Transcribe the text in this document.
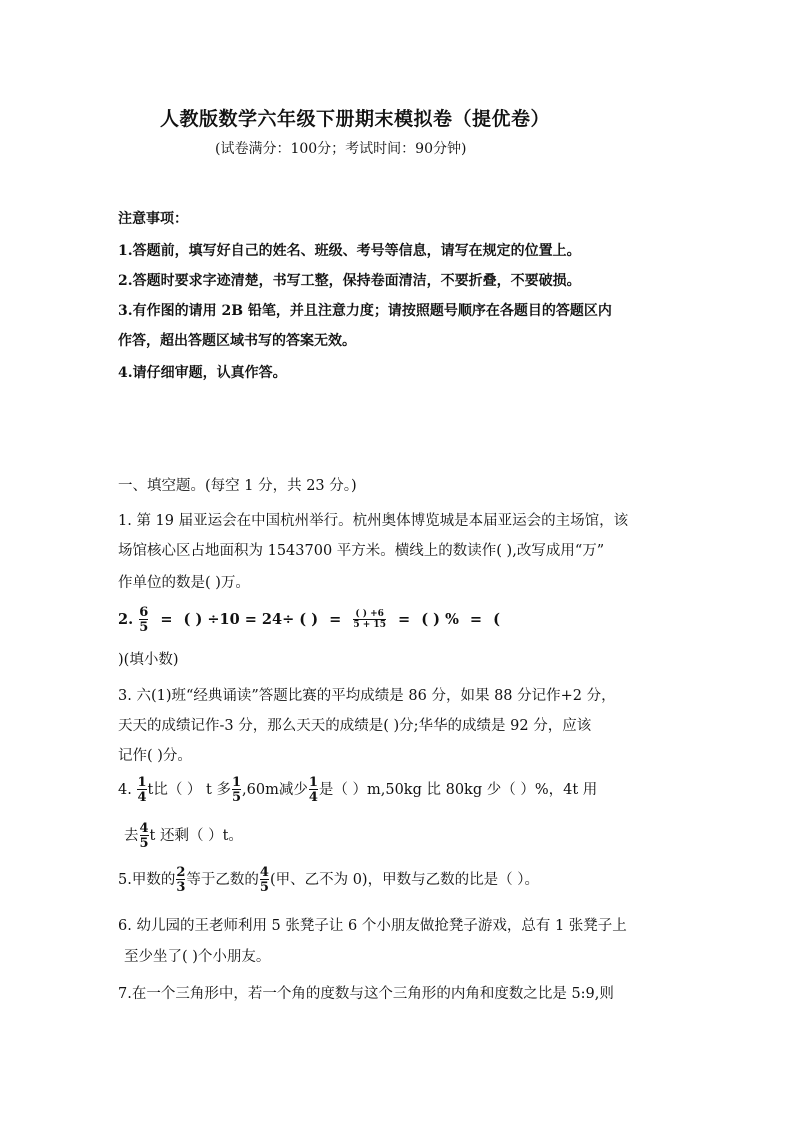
人教版数学六年级下册期末模拟卷（提优卷）
(试卷满分：100分；考试时间：90分钟)
注意事项：
1.答题前，填写好自己的姓名、班级、考号等信息，请写在规定的位置上。
2.答题时要求字迹清楚，书写工整，保持卷面清洁，不要折叠，不要破损。
3.有作图的请用 2B 铅笔，并且注意力度；请按照题号顺序在各题目的答题区内
作答，超出答题区域书写的答案无效。
4.请仔细审题，认真作答。
一、填空题。(每空 1 分，共 23 分。)
1. 第 19 届亚运会在中国杭州举行。杭州奥体博览城是本届亚运会的主场馆，该
场馆核心区占地面积为 1543700 平方米。横线上的数读作( ),改写成用“万”
作单位的数是( )万。
2. $\frac{6}{5}$ = ( ) ÷10 = 24÷ ( ) = $\frac{( ) +6}{5 + 15}$ = ( ) % = (
)(填小数)
3. 六(1)班“经典诵读”答题比赛的平均成绩是 86 分，如果 88 分记作+2 分，
天天的成绩记作-3 分，那么天天的成绩是( )分;华华的成绩是 92 分，应该
记作( )分。
4. $\frac{1}{4}$ t比（ ） t 多 $\frac{1}{5} ,60m$减少 $\frac{1}{4}$ 是（ ）m,50kg 比 80kg 少（ ）%，4t 用
去 $\frac{4}{5}$ t 还剩（ ）t。
5.甲数的 $\frac{2}{3}$ 等于乙数的 $\frac{4}{5}$ (甲、乙不为 0)，甲数与乙数的比是（ ）。
6. 幼儿园的王老师利用 5 张凳子让 6 个小朋友做抢凳子游戏，总有 1 张凳子上
至少坐了( )个小朋友。
7.在一个三角形中，若一个角的度数与这个三角形的内角和度数之比是 5:9,则
